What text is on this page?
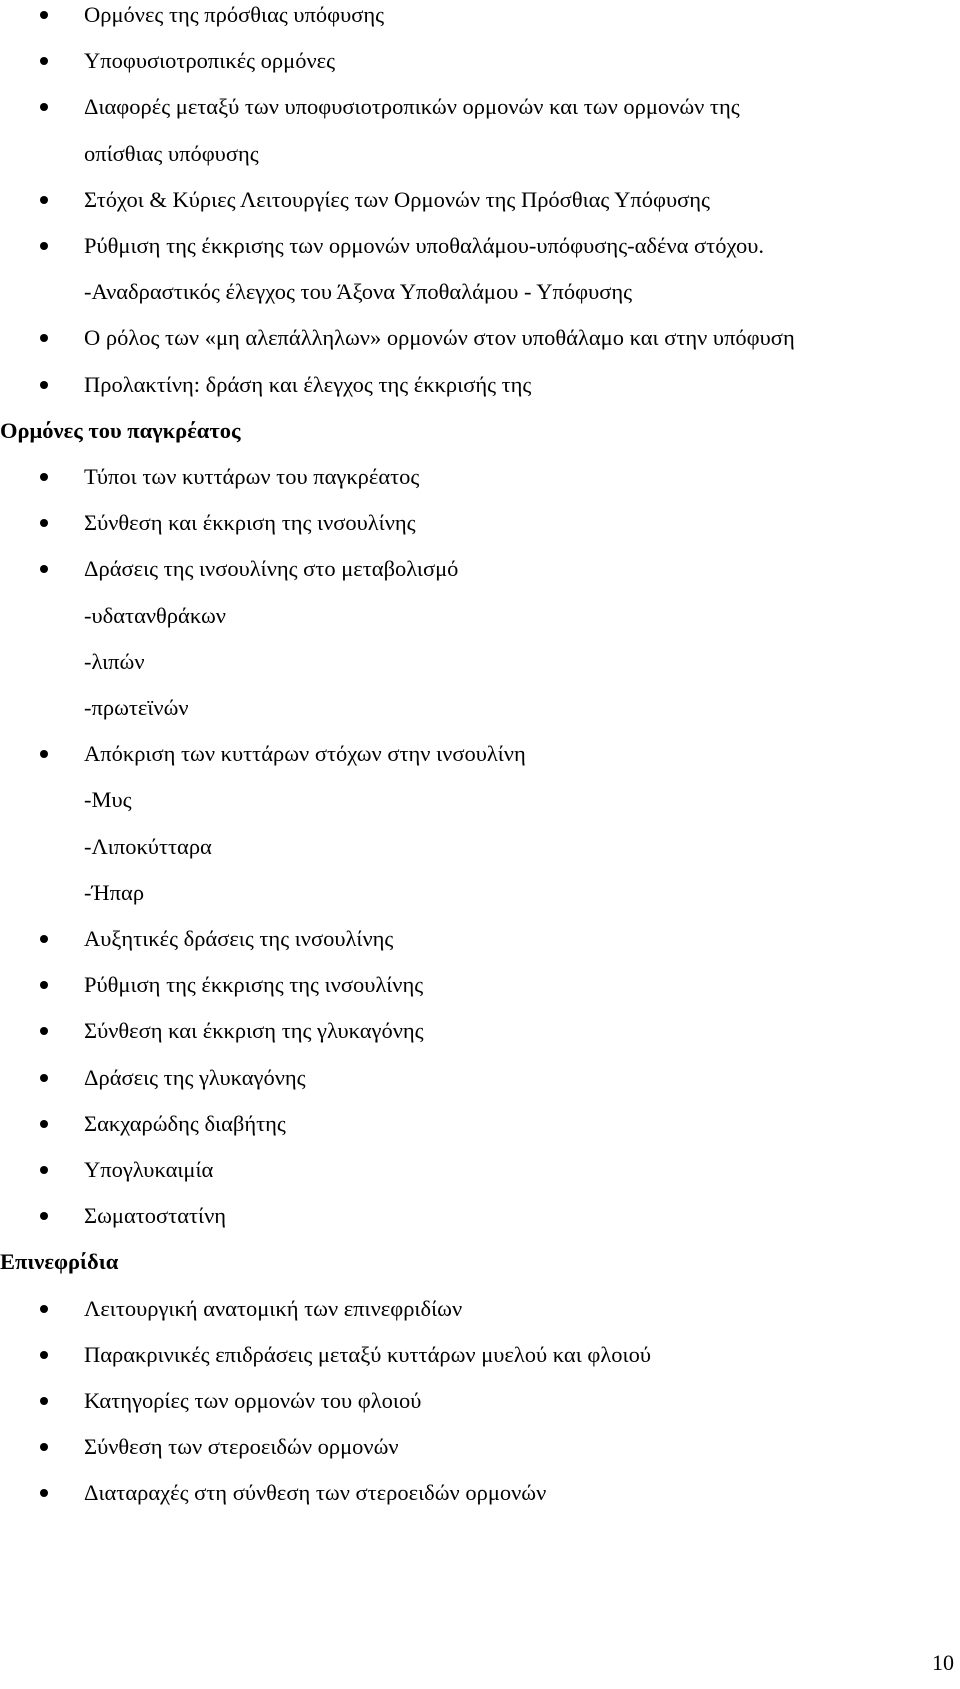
Ορμόνες της πρόσθιας υπόφυσης
Υποφυσιοτροπικές ορμόνες
Διαφορές μεταξύ των υποφυσιοτροπικών ορμονών και των ορμονών της
οπίσθιας υπόφυσης
Στόχοι & Κύριες Λειτουργίες των Ορμονών της Πρόσθιας Υπόφυσης
Ρύθμιση της έκκρισης των ορμονών υποθαλάμου-υπόφυσης-αδένα στόχου.
-Αναδραστικός έλεγχος του Άξονα Υποθαλάμου - Υπόφυσης
Ο ρόλος των «μη αλεπάλληλων» ορμονών στον υποθάλαμο και στην υπόφυση
Προλακτίνη: δράση και έλεγχος της έκκρισής της
Ορμόνες του παγκρέατος
Τύποι των κυττάρων του παγκρέατος
Σύνθεση και έκκριση της ινσουλίνης
Δράσεις της ινσουλίνης στο μεταβολισμό
-υδατανθράκων
-λιπών
-πρωτεϊνών
Απόκριση των κυττάρων στόχων στην ινσουλίνη
-Μυς
-Λιποκύτταρα
-Ήπαρ
Αυξητικές δράσεις της ινσουλίνης
Ρύθμιση της έκκρισης της ινσουλίνης
Σύνθεση και έκκριση της γλυκαγόνης
Δράσεις της γλυκαγόνης
Σακχαρώδης διαβήτης
Υπογλυκαιμία
Σωματοστατίνη
Επινεφρίδια
Λειτουργική ανατομική των επινεφριδίων
Παρακρινικές επιδράσεις μεταξύ κυττάρων μυελού και φλοιού
Κατηγορίες των ορμονών του φλοιού
Σύνθεση των στεροειδών ορμονών
Διαταραχές στη σύνθεση των στεροειδών ορμονών
10
